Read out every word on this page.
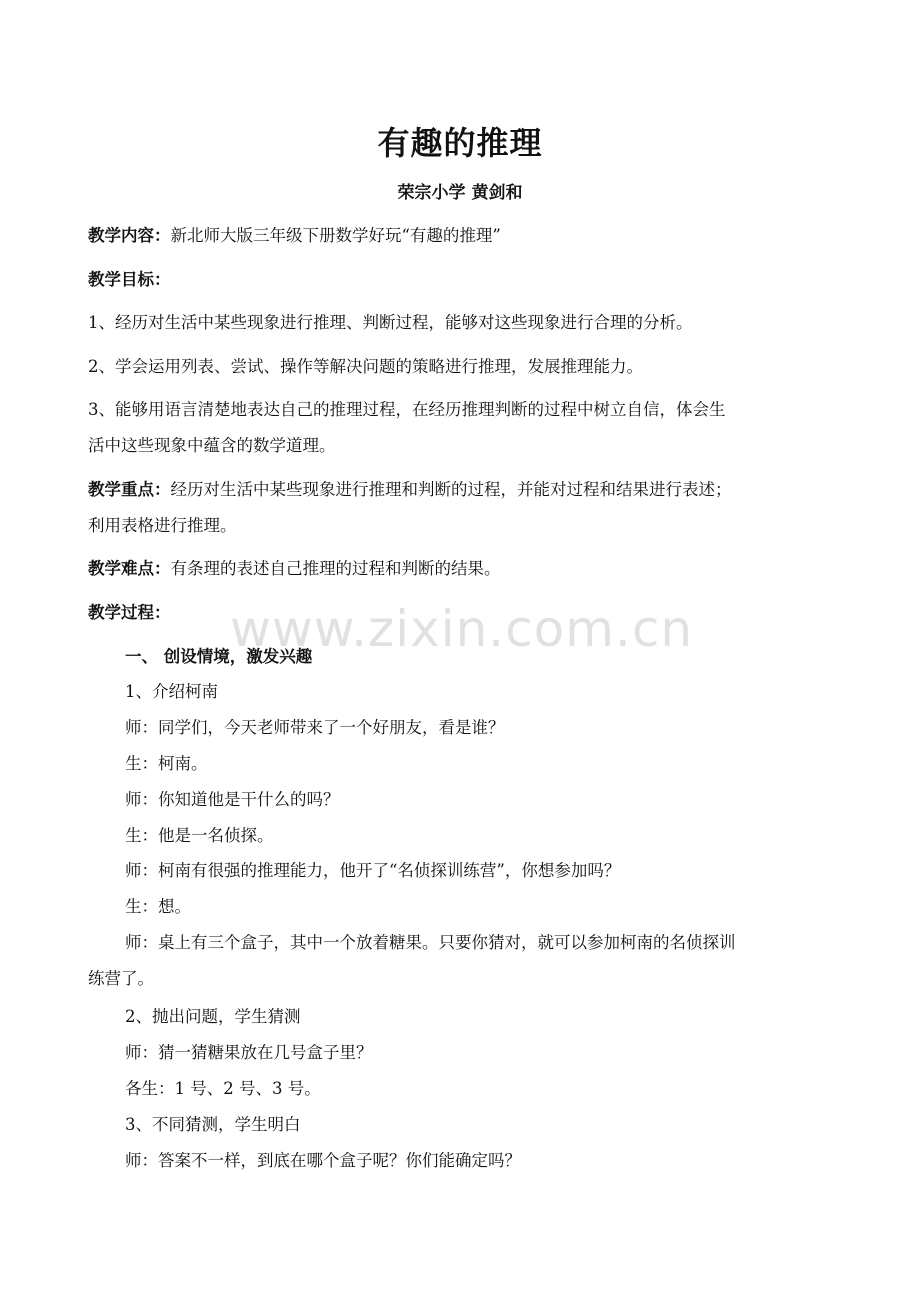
有趣的推理
荣宗小学 黄剑和
教学内容：新北师大版三年级下册数学好玩“有趣的推理”
教学目标：
1、经历对生活中某些现象进行推理、判断过程，能够对这些现象进行合理的分析。
2、学会运用列表、尝试、操作等解决问题的策略进行推理，发展推理能力。
3、能够用语言清楚地表达自己的推理过程，在经历推理判断的过程中树立自信，体会生
活中这些现象中蕴含的数学道理。
教学重点：经历对生活中某些现象进行推理和判断的过程，并能对过程和结果进行表述；
利用表格进行推理。
教学难点：有条理的表述自己推理的过程和判断的结果。
教学过程：	www.zixin.com.cn
一、 创设情境，激发兴趣
1、介绍柯南
师：同学们，今天老师带来了一个好朋友，看是谁？
生：柯南。
师：你知道他是干什么的吗？
生：他是一名侦探。
师：柯南有很强的推理能力，他开了“名侦探训练营”，你想参加吗？
生：想。
师：桌上有三个盒子，其中一个放着糖果。只要你猜对，就可以参加柯南的名侦探训
练营了。
2、抛出问题，学生猜测
师：猜一猜糖果放在几号盒子里？
各生：1 号、2 号、3 号。
3、不同猜测，学生明白
师：答案不一样，到底在哪个盒子呢？你们能确定吗？
